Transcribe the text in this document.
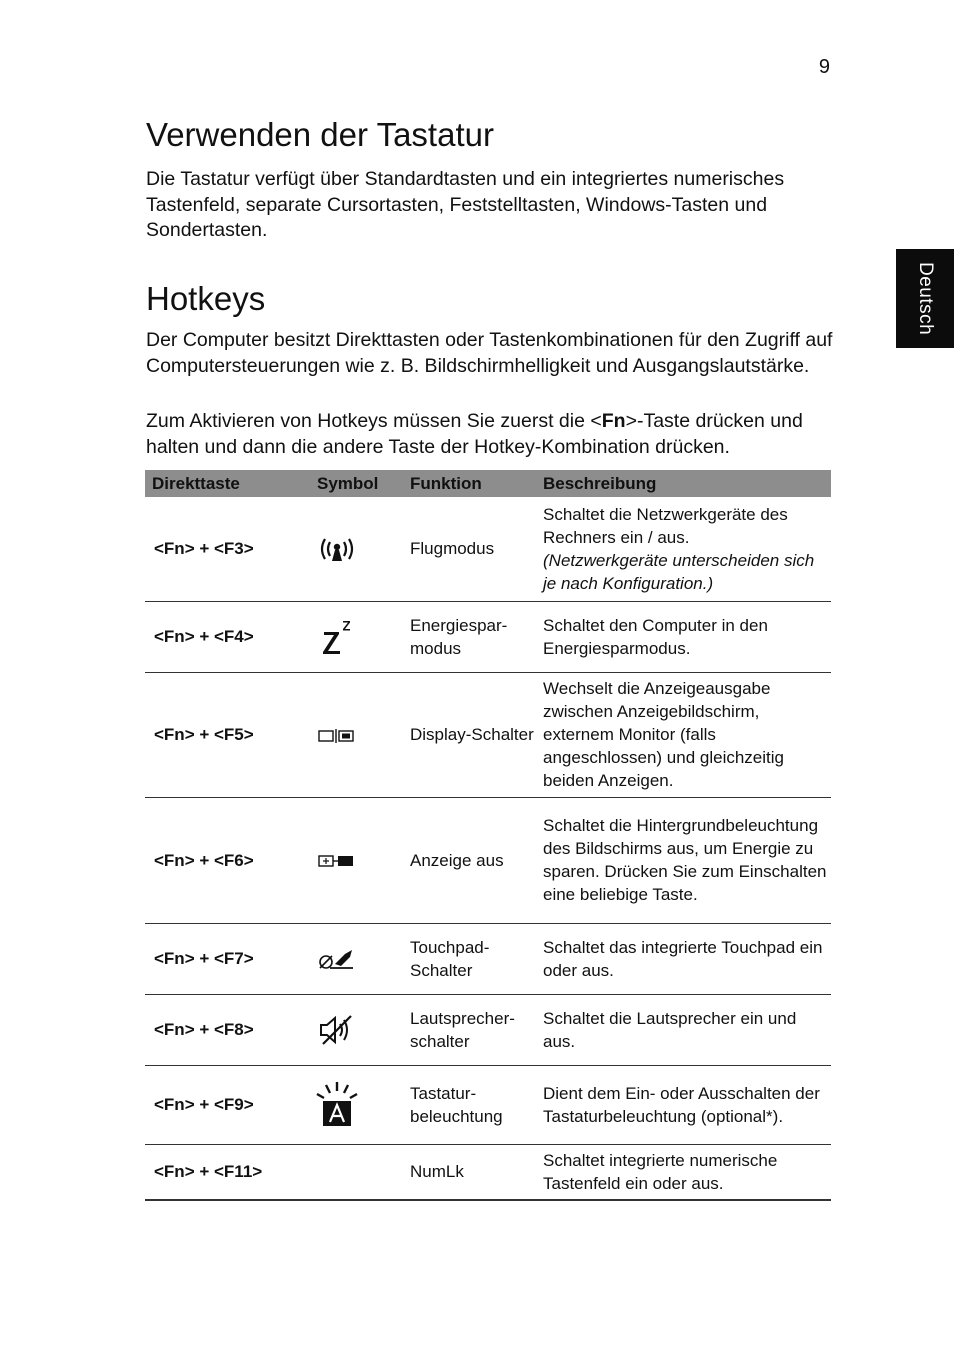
9
Deutsch
Verwenden der Tastatur

Die Tastatur verfügt über Standardtasten und ein integriertes numerisches Tastenfeld, separate Cursortasten, Feststelltasten, Windows-Tasten und Sondertasten.

Hotkeys

Der Computer besitzt Direkttasten oder Tastenkombinationen für den Zugriff auf Computersteuerungen wie z. B. Bildschirmhelligkeit und Ausgangslautstärke.

Zum Aktivieren von Hotkeys müssen Sie zuerst die <Fn>-Taste drücken und halten und dann die andere Taste der Hotkey-Kombination drücken.

Direkttaste	Symbol	Funktion	Beschreibung
<Fn> + <F3>		Flugmodus	Schaltet die Netzwerkgeräte des Rechners ein / aus.
(Netzwerkgeräte unterscheiden sich je nach Konfiguration.)
<Fn> + <F4>		Energiespar-modus	Schaltet den Computer in den Energiesparmodus.
<Fn> + <F5>		Display-Schalter	Wechselt die Anzeigeausgabe zwischen Anzeigebildschirm, externem Monitor (falls angeschlossen) und gleichzeitig beiden Anzeigen.
<Fn> + <F6>		Anzeige aus	Schaltet die Hintergrundbeleuchtung des Bildschirms aus, um Energie zu sparen. Drücken Sie zum Einschalten eine beliebige Taste.
<Fn> + <F7>		Touchpad-Schalter	Schaltet das integrierte Touchpad ein oder aus.
<Fn> + <F8>		Lautsprecher-schalter	Schaltet die Lautsprecher ein und aus.
<Fn> + <F9>		Tastatur-beleuchtung	Dient dem Ein- oder Ausschalten der Tastaturbeleuchtung (optional*).
<Fn> + <F11>		NumLk	Schaltet integrierte numerische Tastenfeld ein oder aus.
